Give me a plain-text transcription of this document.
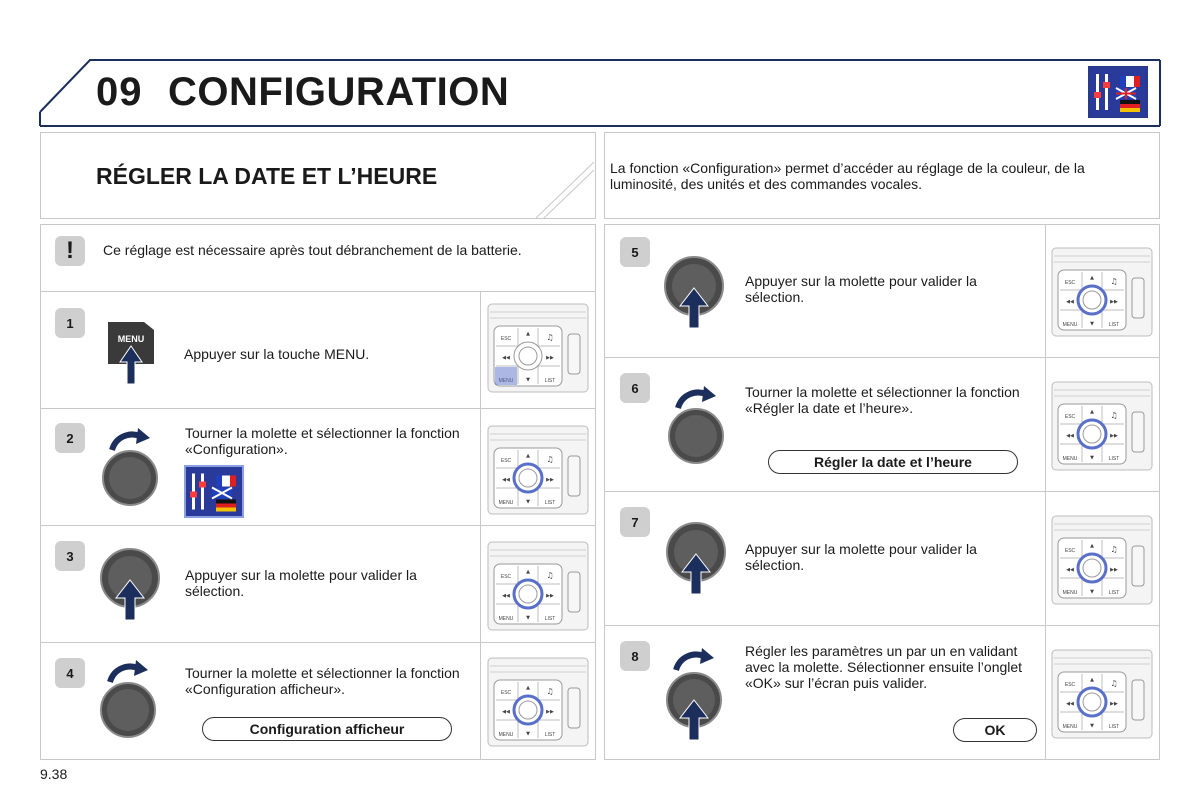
09 CONFIGURATION
RÉGLER LA DATE ET L’HEURE	La fonction «Configuration» permet d’accéder au réglage de la couleur, de la luminosité, des unités et des commandes vocales.
! Ce réglage est nécessaire après tout débranchement de la batterie.
1
MENU
Appuyer sur la touche MENU.
2	Tourner la molette et sélectionner la fonction «Configuration».
3
Appuyer sur la molette pour valider la sélection.
4	Tourner la molette et sélectionner la fonction «Configuration afficheur».
Configuration afficheur
5
Appuyer sur la molette pour valider la sélection.
6	Tourner la molette et sélectionner la fonction «Régler la date et l’heure».
Régler la date et l’heure
7
Appuyer sur la molette pour valider la sélection.
8	Régler les paramètres un par un en validant avec la molette. Sélectionner ensuite l’onglet «OK» sur l’écran puis valider.
OK
ESC
LIST
♫
▲
▼
◀◀	▶▶
ESC
MENU	LIST
♫
▲
▼
◀◀	▶▶
ESC
MENU	LIST
♫
▲
▼
◀◀	▶▶
ESC
MENU	LIST
♫
▲
▼
◀◀	▶▶
ESC
MENU	LIST
♫
▲
▼
◀◀	▶▶
ESC
MENU	LIST
♫
▲
▼
◀◀	▶▶
ESC
MENU	LIST
♫
▲
▼
◀◀	▶▶
ESC
MENU	LIST
♫
▲
▼
◀◀	▶▶
9.38
